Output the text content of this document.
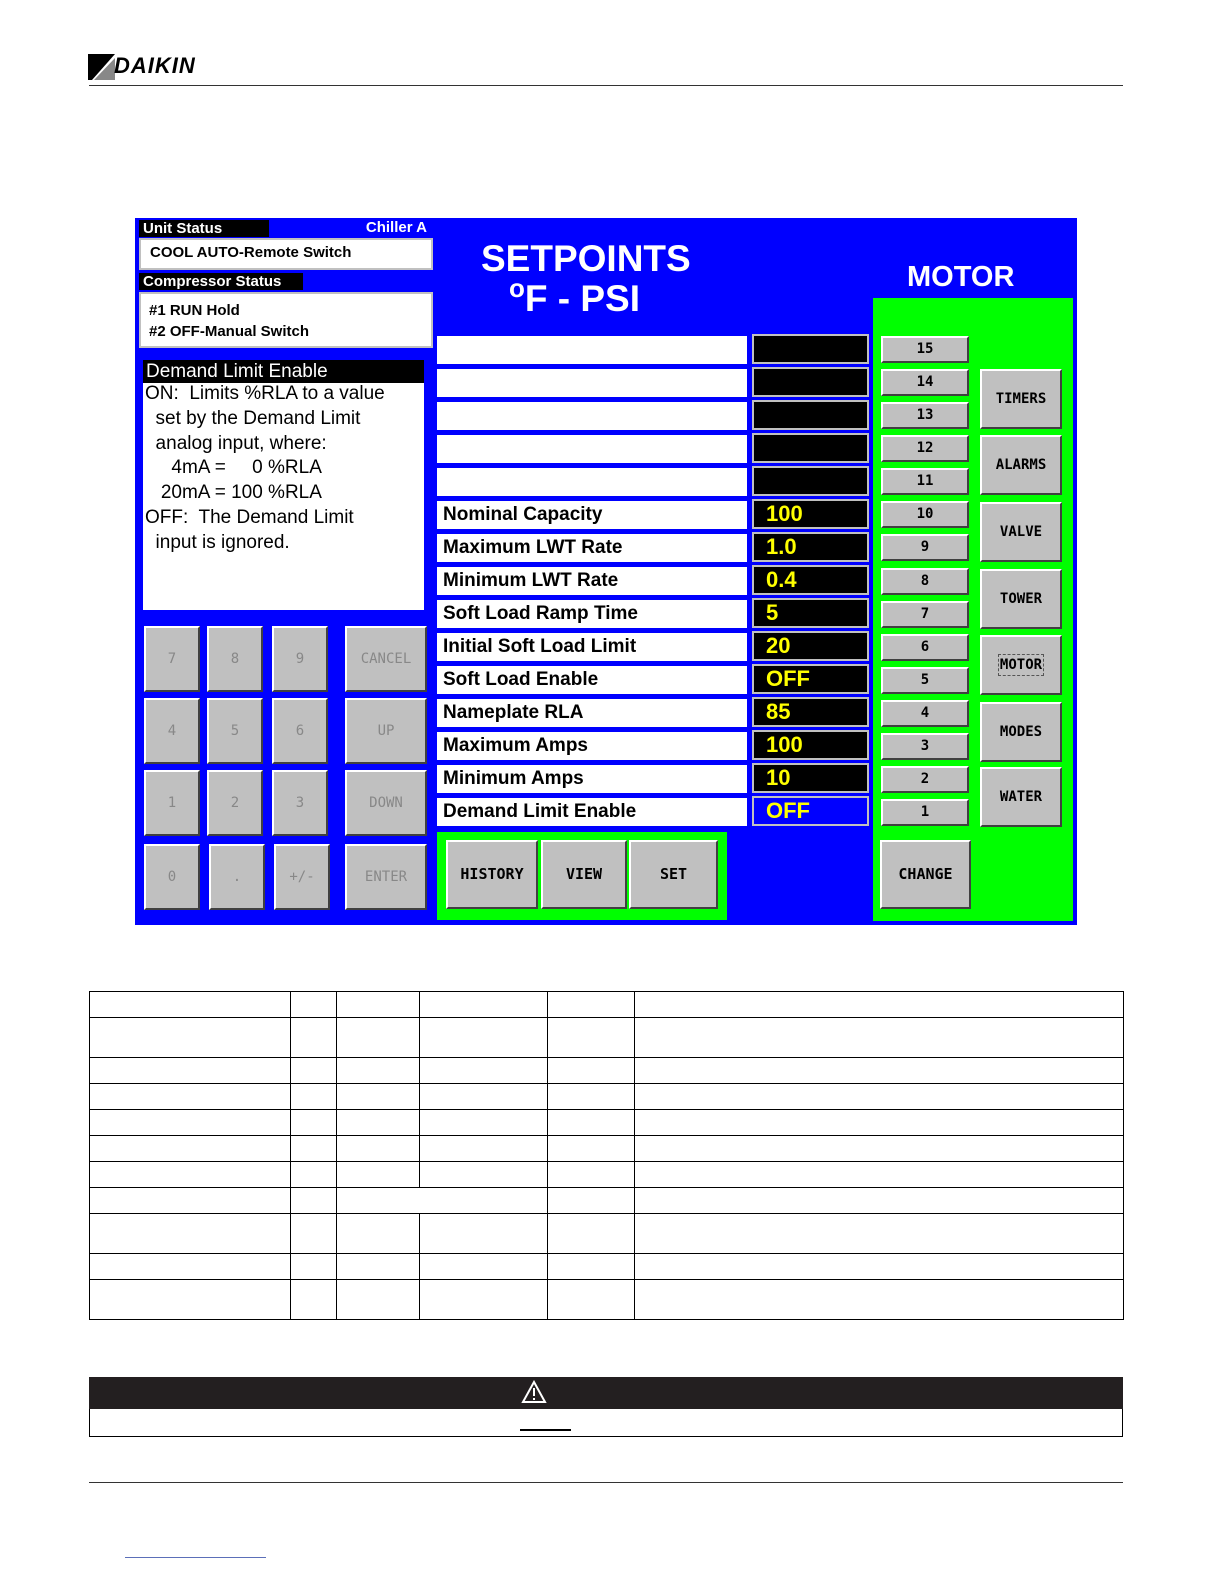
DAIKIN
Unit Status	Chiller A
COOL AUTO-Remote Switch
Compressor Status
#1 RUN Hold
#2 OFF-Manual Switch
Demand Limit Enable
ON:  Limits %RLA to a value
set by the Demand Limit
analog input, where:
4mA =     0 %RLA
20mA = 100 %RLA
OFF:  The Demand Limit
input is ignored.
SETPOINTS
$^o$F - PSI
MOTOR
Nominal Capacity	100
Maximum LWT Rate	1.0
Minimum LWT Rate	0.4
Soft Load Ramp Time	5
Initial Soft Load Limit	20
Soft Load Enable	OFF
Nameplate RLA	85
Maximum Amps	100
Minimum Amps	10
Demand Limit Enable	OFF
15
14
13
12
11
10
9
8
7
6
5
4
3
2
1
TIMERS
ALARMS
VALVE
TOWER
MOTOR
MODES
WATER
HISTORY	VIEW	SET	CHANGE
7	8	9	CANCEL
4	5	6	UP
1	2	3	DOWN
0	.	+/-	ENTER
